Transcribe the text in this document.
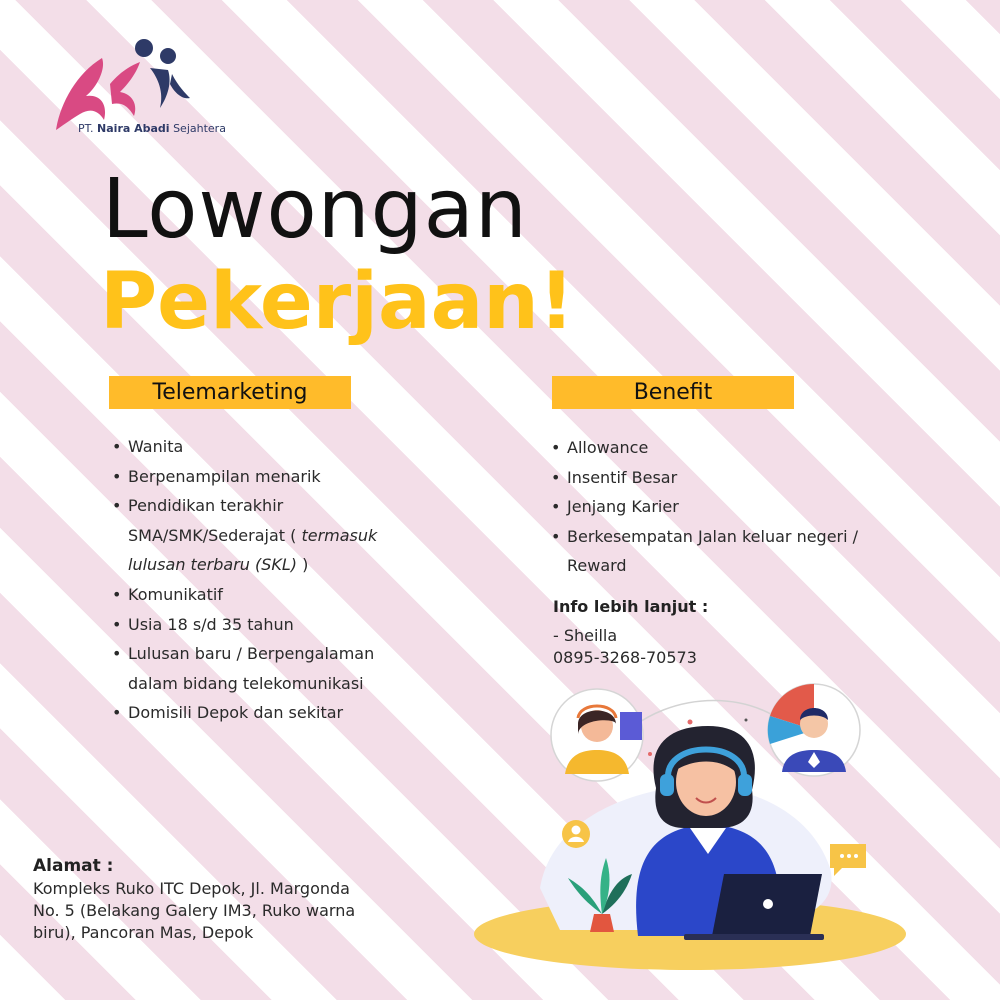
PT. Naira Abadi Sejahtera
Lowongan
Pekerjaan!
Telemarketing
• Wanita
• Berpenampilan menarik
• Pendidikan terakhir SMA/SMK/Sederajat ( termasuk lulusan terbaru (SKL) )
• Komunikatif
• Usia 18 s/d 35 tahun
• Lulusan baru / Berpengalaman dalam bidang telekomunikasi
• Domisili Depok dan sekitar
Benefit
• Allowance
• Insentif Besar
• Jenjang Karier
• Berkesempatan Jalan keluar negeri / Reward
Info lebih lanjut :
- Sheilla
0895-3268-70573
Alamat :
Kompleks Ruko ITC Depok, Jl. Margonda No. 5 (Belakang Galery IM3, Ruko warna biru), Pancoran Mas, Depok
